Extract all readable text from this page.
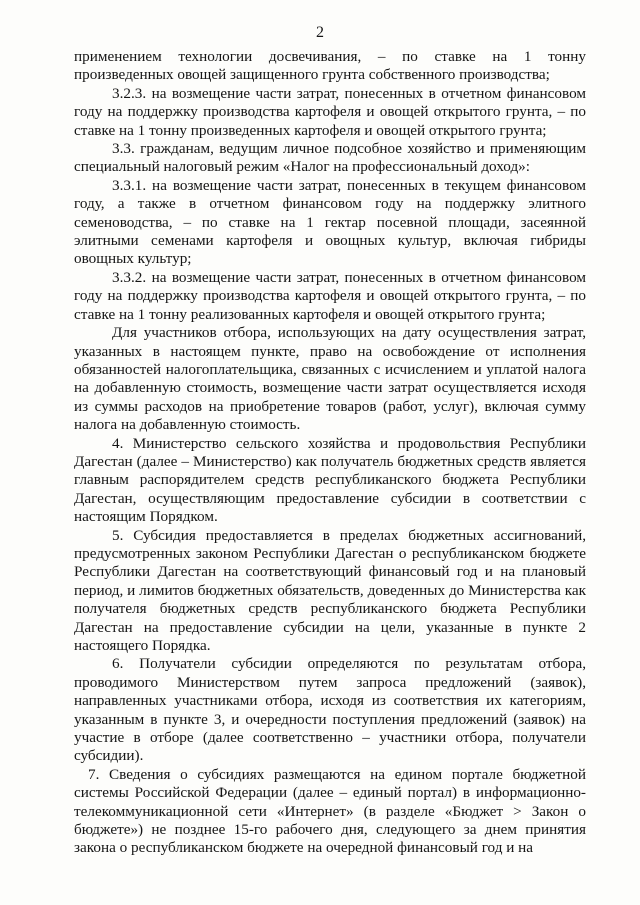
2

применением технологии досвечивания, – по ставке на 1 тонну произведенных овощей защищенного грунта собственного производства;

3.2.3. на возмещение части затрат, понесенных в отчетном финансовом году на поддержку производства картофеля и овощей открытого грунта, – по ставке на 1 тонну произведенных картофеля и овощей открытого грунта;

3.3. гражданам, ведущим личное подсобное хозяйство и применяющим специальный налоговый режим «Налог на профессиональный доход»:

3.3.1. на возмещение части затрат, понесенных в текущем финансовом году, а также в отчетном финансовом году на поддержку элитного семеноводства, – по ставке на 1 гектар посевной площади, засеянной элитными семенами картофеля и овощных культур, включая гибриды овощных культур;

3.3.2. на возмещение части затрат, понесенных в отчетном финансовом году на поддержку производства картофеля и овощей открытого грунта, – по ставке на 1 тонну реализованных картофеля и овощей открытого грунта;

Для участников отбора, использующих на дату осуществления затрат, указанных в настоящем пункте, право на освобождение от исполнения обязанностей налогоплательщика, связанных с исчислением и уплатой налога на добавленную стоимость, возмещение части затрат осуществляется исходя из суммы расходов на приобретение товаров (работ, услуг), включая сумму налога на добавленную стоимость.

4. Министерство сельского хозяйства и продовольствия Республики Дагестан (далее – Министерство) как получатель бюджетных средств является главным распорядителем средств республиканского бюджета Республики Дагестан, осуществляющим предоставление субсидии в соответствии с настоящим Порядком.

5. Субсидия предоставляется в пределах бюджетных ассигнований, предусмотренных законом Республики Дагестан о республиканском бюджете Республики Дагестан на соответствующий финансовый год и на плановый период, и лимитов бюджетных обязательств, доведенных до Министерства как получателя бюджетных средств республиканского бюджета Республики Дагестан на предоставление субсидии на цели, указанные в пункте 2 настоящего Порядка.

6. Получатели субсидии определяются по результатам отбора, проводимого Министерством путем запроса предложений (заявок), направленных участниками отбора, исходя из соответствия их категориям, указанным в пункте 3, и очередности поступления предложений (заявок) на участие в отборе (далее соответственно – участники отбора, получатели субсидии).

7. Сведения о субсидиях размещаются на едином портале бюджетной системы Российской Федерации (далее – единый портал) в информационно-телекоммуникационной сети «Интернет» (в разделе «Бюджет > Закон о бюджете») не позднее 15-го рабочего дня, следующего за днем принятия закона о республиканском бюджете на очередной финансовый год и на
